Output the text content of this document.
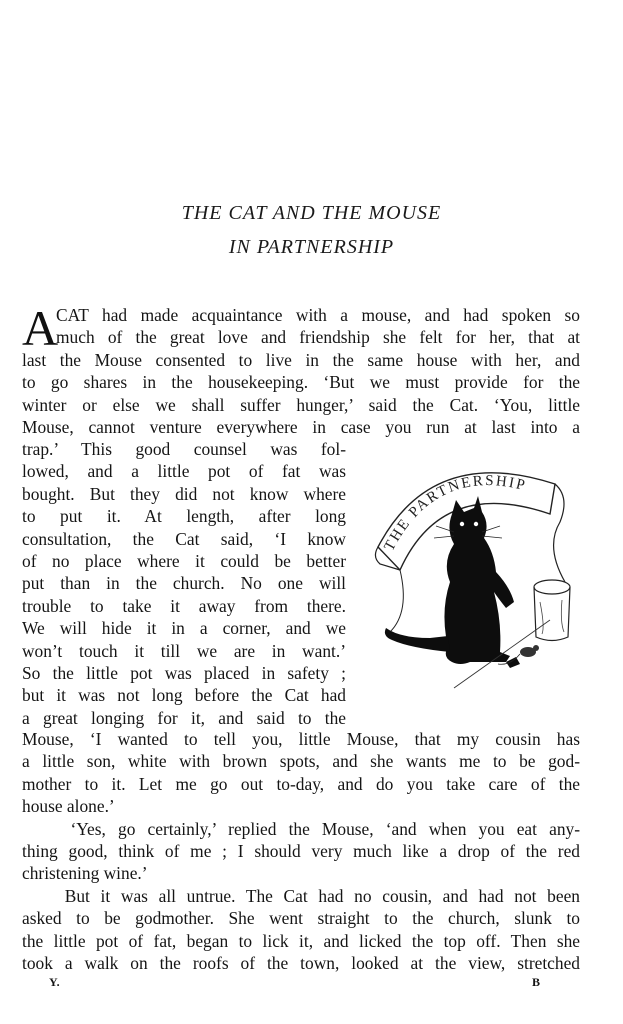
THE CAT AND THE MOUSE
IN PARTNERSHIP
A
CAT had made acquaintance with a mouse, and had spoken so
much of the great love and friendship she felt for her, that at
last the Mouse consented to live in the same house with her, and
to go shares in the housekeeping. ‘But we must provide for the
winter or else we shall suffer hunger,’ said the Cat. ‘You, little
Mouse, cannot venture everywhere in case you run at last into a
trap.’ This good counsel was fol-
lowed, and a little pot of fat was
bought. But they did not know where
to put it. At length, after long
consultation, the Cat said, ‘I know
of no place where it could be better
put than in the church. No one will
trouble to take it away from there.
We will hide it in a corner, and we
won’t touch it till we are in want.’
So the little pot was placed in safety ;
but it was not long before the Cat had
a great longing for it, and said to the
THE PARTNERSHIP
Mouse, ‘I wanted to tell you, little Mouse, that my cousin has
a little son, white with brown spots, and she wants me to be god-
mother to it. Let me go out to-day, and do you take care of the
house alone.’
‘Yes, go certainly,’ replied the Mouse, ‘and when you eat any-
thing good, think of me ; I should very much like a drop of the red
christening wine.’
But it was all untrue. The Cat had no cousin, and had not been
asked to be godmother. She went straight to the church, slunk to
the little pot of fat, began to lick it, and licked the top off. Then she
took a walk on the roofs of the town, looked at the view, stretched
Y.	B
